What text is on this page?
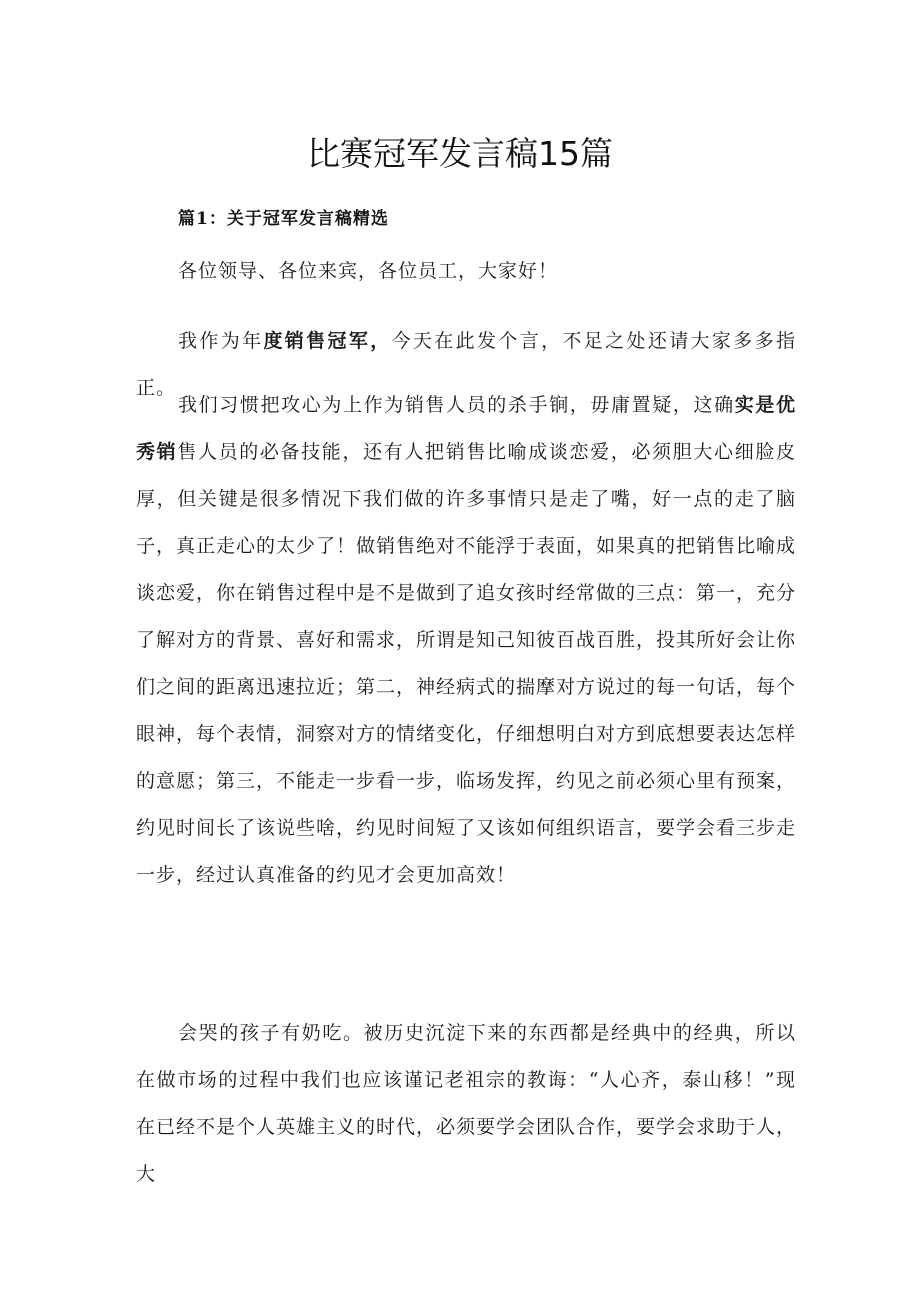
比赛冠军发言稿15篇
篇1：关于冠军发言稿精选

各位领导、各位来宾，各位员工，大家好！

我作为年度销售冠军，今天在此发个言，不足之处还请大家多多指正。

我们习惯把攻心为上作为销售人员的杀手锏，毋庸置疑，这确实是优秀销售人员的必备技能，还有人把销售比喻成谈恋爱，必须胆大心细脸皮厚，但关键是很多情况下我们做的许多事情只是走了嘴，好一点的走了脑子，真正走心的太少了！做销售绝对不能浮于表面，如果真的把销售比喻成谈恋爱，你在销售过程中是不是做到了追女孩时经常做的三点：第一，充分了解对方的背景、喜好和需求，所谓是知己知彼百战百胜，投其所好会让你们之间的距离迅速拉近；第二，神经病式的揣摩对方说过的每一句话，每个眼神，每个表情，洞察对方的情绪变化，仔细想明白对方到底想要表达怎样的意愿；第三，不能走一步看一步，临场发挥，约见之前必须心里有预案，约见时间长了该说些啥，约见时间短了又该如何组织语言，要学会看三步走一步，经过认真准备的约见才会更加高效！

会哭的孩子有奶吃。被历史沉淀下来的东西都是经典中的经典，所以在做市场的过程中我们也应该谨记老祖宗的教诲：“人心齐，泰山移！”现在已经不是个人英雄主义的时代，必须要学会团队合作，要学会求助于人，大
